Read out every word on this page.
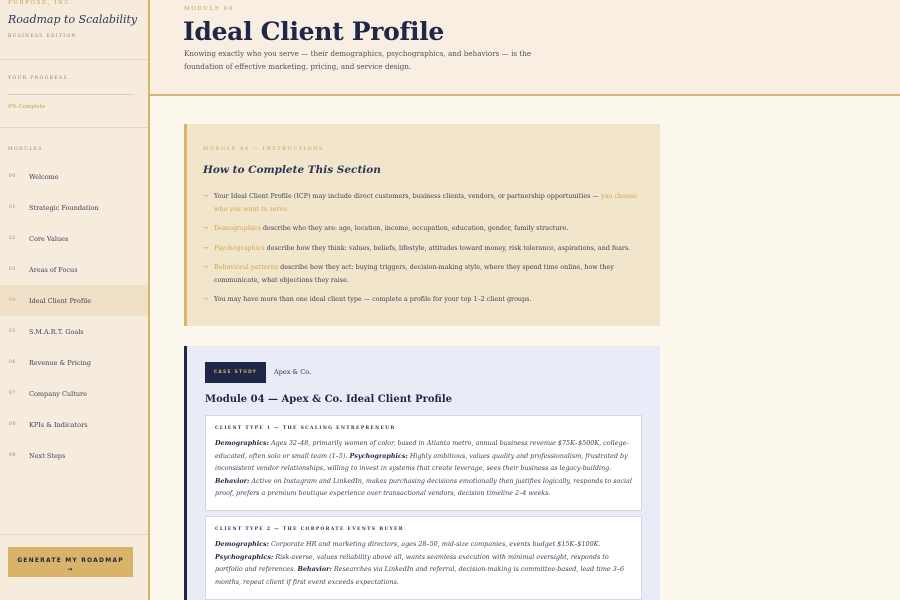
PURPOSE, INC.
Roadmap to Scalability
BUSINESS EDITION
YOUR PROGRESS
0% Complete
MODULES
00	Welcome
01	Strategic Foundation
02	Core Values
03	Areas of Focus
04	Ideal Client Profile
05	S.M.A.R.T. Goals
06	Revenue & Pricing
07	Company Culture
08	KPIs & Indicators
09	Next Steps
GENERATE MY ROADMAP
→
MODULE 04
Ideal Client Profile

Knowing exactly who you serve — their demographics, psychographics, and behaviors — is the foundation of effective marketing, pricing, and service design.

MODULE 04 — INSTRUCTIONS
How to Complete This Section
→ Your Ideal Client Profile (ICP) may include direct customers, business clients, vendors, or partnership opportunities — you choose who you want to serve.
→ Demographics describe who they are: age, location, income, occupation, education, gender, family structure.
→ Psychographics describe how they think: values, beliefs, lifestyle, attitudes toward money, risk tolerance, aspirations, and fears.
→ Behavioral patterns describe how they act: buying triggers, decision-making style, where they spend time online, how they communicate, what objections they raise.
→ You may have more than one ideal client type — complete a profile for your top 1–2 client groups.
CASE STUDY	Apex & Co.
Module 04 — Apex & Co. Ideal Client Profile
CLIENT TYPE 1 — THE SCALING ENTREPRENEUR

Demographics: Ages 32–48, primarily women of color, based in Atlanta metro, annual business revenue $75K–$500K, college-educated, often solo or small team (1–5). Psychographics: Highly ambitious, values quality and professionalism, frustrated by inconsistent vendor relationships, willing to invest in systems that create leverage, sees their business as legacy-building. Behavior: Active on Instagram and LinkedIn, makes purchasing decisions emotionally then justifies logically, responds to social proof, prefers a premium boutique experience over transactional vendors, decision timeline 2–4 weeks.

CLIENT TYPE 2 — THE CORPORATE EVENTS BUYER

Demographics: Corporate HR and marketing directors, ages 28–50, mid-size companies, events budget $15K–$100K.
Psychographics: Risk-averse, values reliability above all, wants seamless execution with minimal oversight, responds to portfolio and references. Behavior: Researches via LinkedIn and referral, decision-making is committee-based, lead time 3–6 months, repeat client if first event exceeds expectations.
